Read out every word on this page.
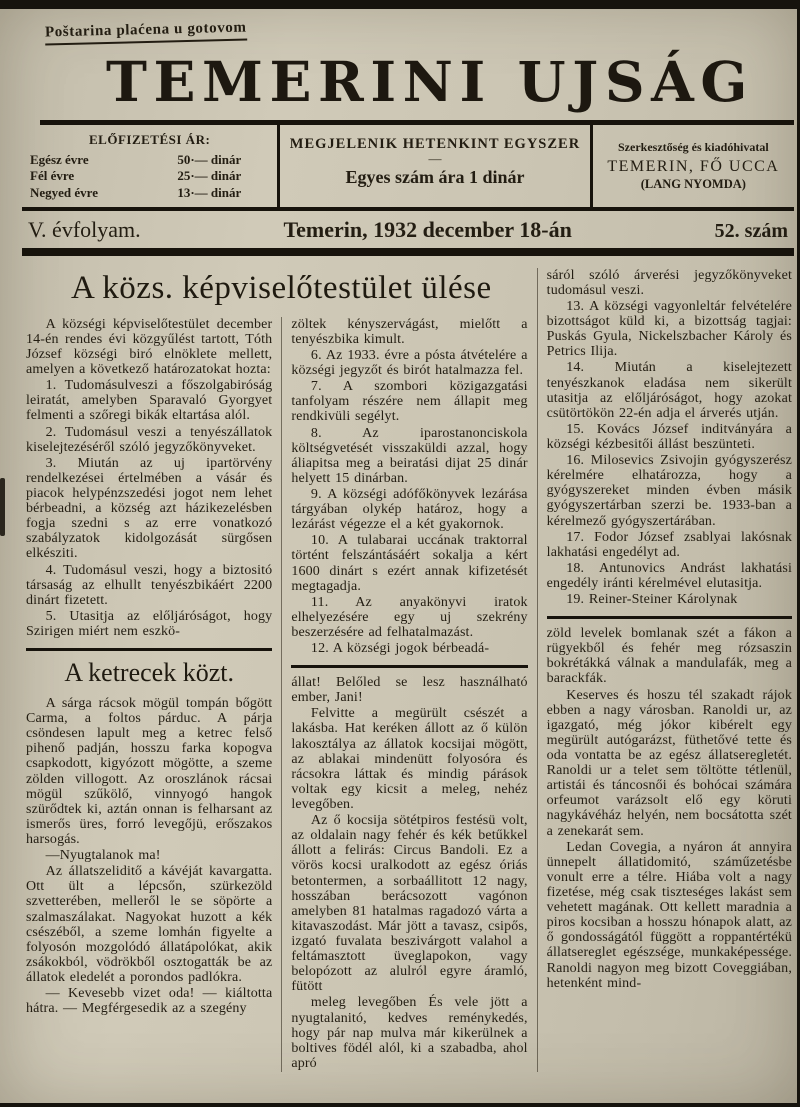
Poštarina plaćena u gotovom
TEMERINI UJSÁG
ELŐFIZETÉSI ÁR:
Egész évre	50·— dinár
Fél évre	25·— dinár
Negyed évre	13·— dinár
MEGJELENIK HETENKINT EGYSZER
—
Egyes szám ára 1 dinár
Szerkesztőség és kiadóhivatal
TEMERIN, FŐ UCCA
(LANG NYOMDA)
V. évfolyam.	Temerin, 1932 december 18-án	52. szám
A közs. képviselőtestület ülése

A községi képviselőtestület december 14-én rendes évi közgyűlést tartott, Tóth József községi biró elnöklete mellett, amelyen a következő határozatokat hozta:

1. Tudomásulveszi a főszolgabiróság leiratát, amelyben Sparavaló Gyorgyet felmenti a szőregi bikák eltartása alól.

2. Tudomásul veszi a tenyészállatok kiselejtezéséről szóló jegyzőkönyveket.

3. Miután az uj ipartörvény rendelkezései értelmében a vásár és piacok helypénzszedési jogot nem lehet bérbeadni, a község azt házikezelésben fogja szedni s az erre vonatkozó szabályzatok kidolgozását sürgősen elkésziti.

4. Tudomásul veszi, hogy a biztositó társaság az elhullt tenyészbikáért 2200 dinárt fizetett.

5. Utasitja az előljáróságot, hogy Szirigen miért nem eszkö-

A ketrecek közt.

A sárga rácsok mögül tompán bőgött Carma, a foltos párduc. A párja csöndesen lapult meg a ketrec felső pihenő padján, hosszu farka kopogva csapkodott, kigyózott mögötte, a szeme zölden villogott. Az oroszlánok rácsai mögül szűkölő, vinnyogó hangok szürődtek ki, aztán onnan is felharsant az ismerős üres, forró levegőjü, erőszakos harsogás.

—Nyugtalanok ma!

Az állatszeliditő a kávéját kavargatta. Ott ült a lépcsőn, szürkezöld szvetterében, melleről le se söpörte a szalmaszálakat. Nagyokat huzott a kék csészéből, a szeme lomhán figyelte a folyosón mozgolódó állatápolókat, akik zsákokból, vödrökből osztogatták be az állatok eledelét a porondos padlókra.

— Kevesebb vizet oda! — kiáltotta hátra. — Megférgesedik az a szegény

zöltek kényszervágást, mielőtt a tenyészbika kimult.

6. Az 1933. évre a pósta átvételére a községi jegyzőt és birót hatalmazza fel.

7. A szombori közigazgatási tanfolyam részére nem állapit meg rendkivüli segélyt.

8. Az iparostanonciskola költségvetését visszaküldi azzal, hogy áliapitsa meg a beiratási dijat 25 dinár helyett 15 dinárban.

9. A községi adófőkönyvek lezárása tárgyában olykép határoz, hogy a lezárást végezze el a két gyakornok.

10. A tulabarai uccának traktorral történt felszántásáért sokalja a kért 1600 dinárt s ezért annak kifizetését megtagadja.

11. Az anyakönyvi iratok elhelyezésére egy uj szekrény beszerzésére ad felhatalmazást.

12. A községi jogok bérbeadá-

állat! Belőled se lesz használható ember, Jani!

Felvitte a megürült csészét a lakásba. Hat keréken állott az ő külön lakosztálya az állatok kocsijai mögött, az ablakai mindenütt folyosóra és rácsokra láttak és mindig párások voltak egy kicsit a meleg, nehéz levegőben.

Az ő kocsija sötétpiros festésü volt, az oldalain nagy fehér és kék betűkkel állott a felirás: Circus Bandoli. Ez a vörös kocsi uralkodott az egész óriás betontermen, a sorbaállitott 12 nagy, hosszában berácsozott vagónon amelyben 81 hatalmas ragadozó várta a kitavaszodást. Már jött a tavasz, csipős, izgató fuvalata beszivárgott valahol a feltámasztott üveglapokon, vagy belopózott az alulról egyre áramló, fütött

meleg levegőben És vele jött a nyugtalanitó, kedves reménykedés, hogy pár nap mulva már kikerülnek a boltives födél alól, ki a szabadba, ahol apró

sáról szóló árverési jegyzőkönyveket tudomásul veszi.

13. A községi vagyonleltár felvételére bizottságot küld ki, a bizottság tagjai: Puskás Gyula, Nickelszbacher Károly és Petrics Ilija.

14. Miután a kiselejtezett tenyészkanok eladása nem sikerült utasitja az előljáróságot, hogy azokat csütörtökön 22-én adja el árverés utján.

15. Kovács József inditványára a községi kézbesitői állást beszünteti.

16. Milosevics Zsivojin gyógyszerész kérelmére elhatározza, hogy a gyógyszereket minden évben másik gyógyszertárban szerzi be. 1933-ban a kérelmező gyógyszertárában.

17. Fodor József zsablyai lakósnak lakhatási engedélyt ad.

18. Antunovics Andrást lakhatási engedély iránti kérelmével elutasitja.

19. Reiner-Steiner Károlynak

zöld levelek bomlanak szét a fákon a rügyekből és fehér meg rózsaszin bokrétákká válnak a mandulafák, meg a barackfák.

Keserves és hoszu tél szakadt rájok ebben a nagy városban. Ranoldi ur, az igazgató, még jókor kibérelt egy megürült autógarázst, füthetővé tette és oda vontatta be az egész állatseregletét. Ranoldi ur a telet sem töltötte tétlenül, artistái és táncosnői és bohócai számára orfeumot varázsolt elő egy köruti nagykávéház helyén, nem bocsátotta szét a zenekarát sem.

Ledan Covegia, a nyáron át annyira ünnepelt állatidomitó, száműzetésbe vonult erre a télre. Hiába volt a nagy fizetése, még csak tiszteséges lakást sem vehetett magának. Ott kellett maradnia a piros kocsiban a hosszu hónapok alatt, az ő gondosságától függött a roppantértékü állatsereglet egészsége, munkaképessége. Ranoldi nagyon meg bizott Coveggiában, hetenként mind-
